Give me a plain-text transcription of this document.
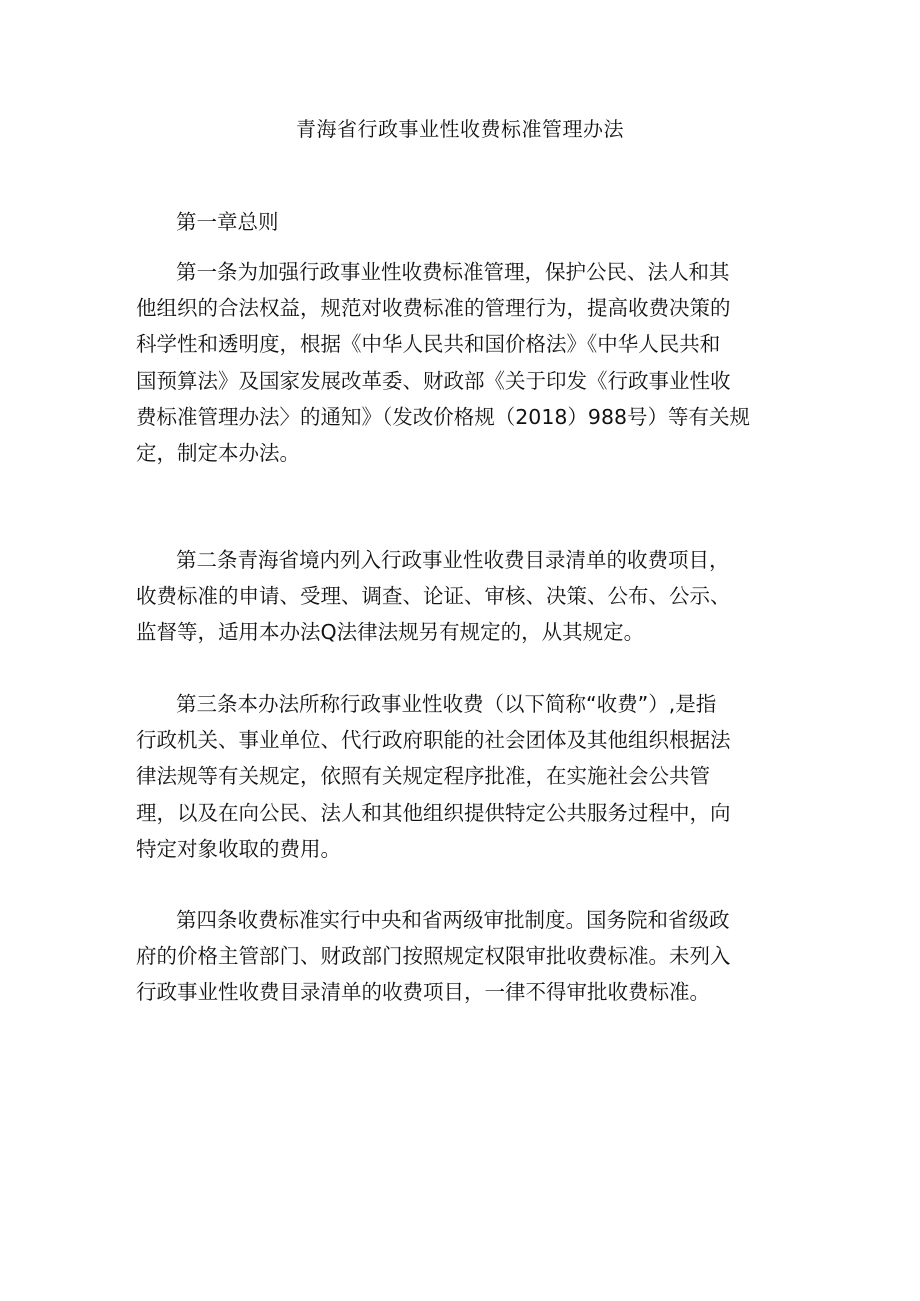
青海省行政事业性收费标准管理办法

第一章总则

第一条为加强行政事业性收费标准管理，保护公民、法人和其
他组织的合法权益，规范对收费标准的管理行为，提高收费决策的
科学性和透明度，根据《中华人民共和国价格法》《中华人民共和
国预算法》及国家发展改革委、财政部《关于印发《行政事业性收
费标准管理办法〉的通知》（发改价格规（2018）988号）等有关规
定，制定本办法。

第二条青海省境内列入行政事业性收费目录清单的收费项目，
收费标准的申请、受理、调查、论证、审核、决策、公布、公示、
监督等，适用本办法Q法律法规另有规定的，从其规定。

第三条本办法所称行政事业性收费（以下简称“收费”）,是指
行政机关、事业单位、代行政府职能的社会团体及其他组织根据法
律法规等有关规定，依照有关规定程序批准，在实施社会公共管
理，以及在向公民、法人和其他组织提供特定公共服务过程中，向
特定对象收取的费用。

第四条收费标准实行中央和省两级审批制度。国务院和省级政
府的价格主管部门、财政部门按照规定权限审批收费标准。未列入
行政事业性收费目录清单的收费项目，一律不得审批收费标准。
